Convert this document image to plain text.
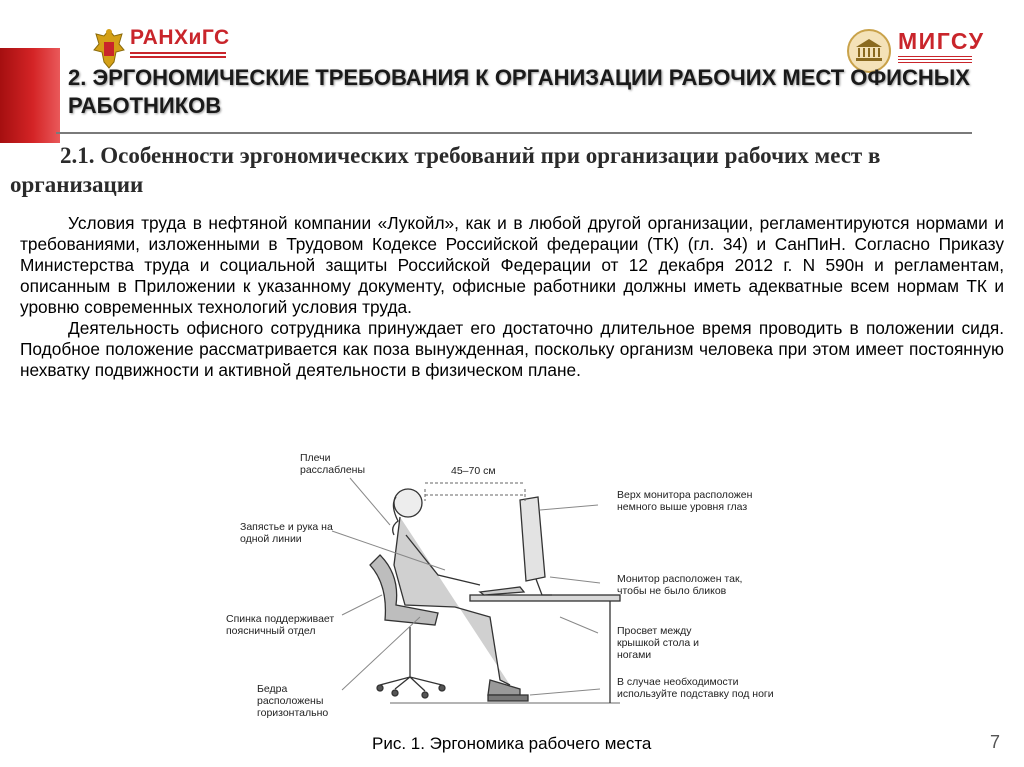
РАНХиГС	МИГСУ
2. ЭРГОНОМИЧЕСКИЕ ТРЕБОВАНИЯ К ОРГАНИЗАЦИИ РАБОЧИХ МЕСТ ОФИСНЫХ РАБОТНИКОВ
2.1. Особенности эргономических требований при организации рабочих мест в организации

Условия труда в нефтяной компании «Лукойл», как и в любой другой организации, регламентируются нормами и требованиями, изложенными в Трудовом Кодексе Российской федерации (ТК) (гл. 34) и СанПиН. Согласно Приказу Министерства труда и социальной защиты Российской Федерации от 12 декабря 2012 г. N 590н и регламентам, описанным в Приложении к указанному документу, офисные работники должны иметь адекватные всем нормам ТК и уровню современных технологий условия труда.

Деятельность офисного сотрудника принуждает его достаточно длительное время проводить в положении сидя. Подобное положение рассматривается как поза вынужденная, поскольку организм человека при этом имеет постоянную нехватку подвижности и активной деятельности в физическом плане.

45–70 см
Плечи расслаблены
Запястье и рука на одной линии
Спинка поддерживает поясничный отдел
Бедра расположены горизонтально
Верх монитора расположен немного выше уровня глаз
Монитор расположен так, чтобы не было бликов
Просвет между крышкой стола и ногами
В случае необходимости используйте подставку под ноги
Рис. 1. Эргономика рабочего места	7
